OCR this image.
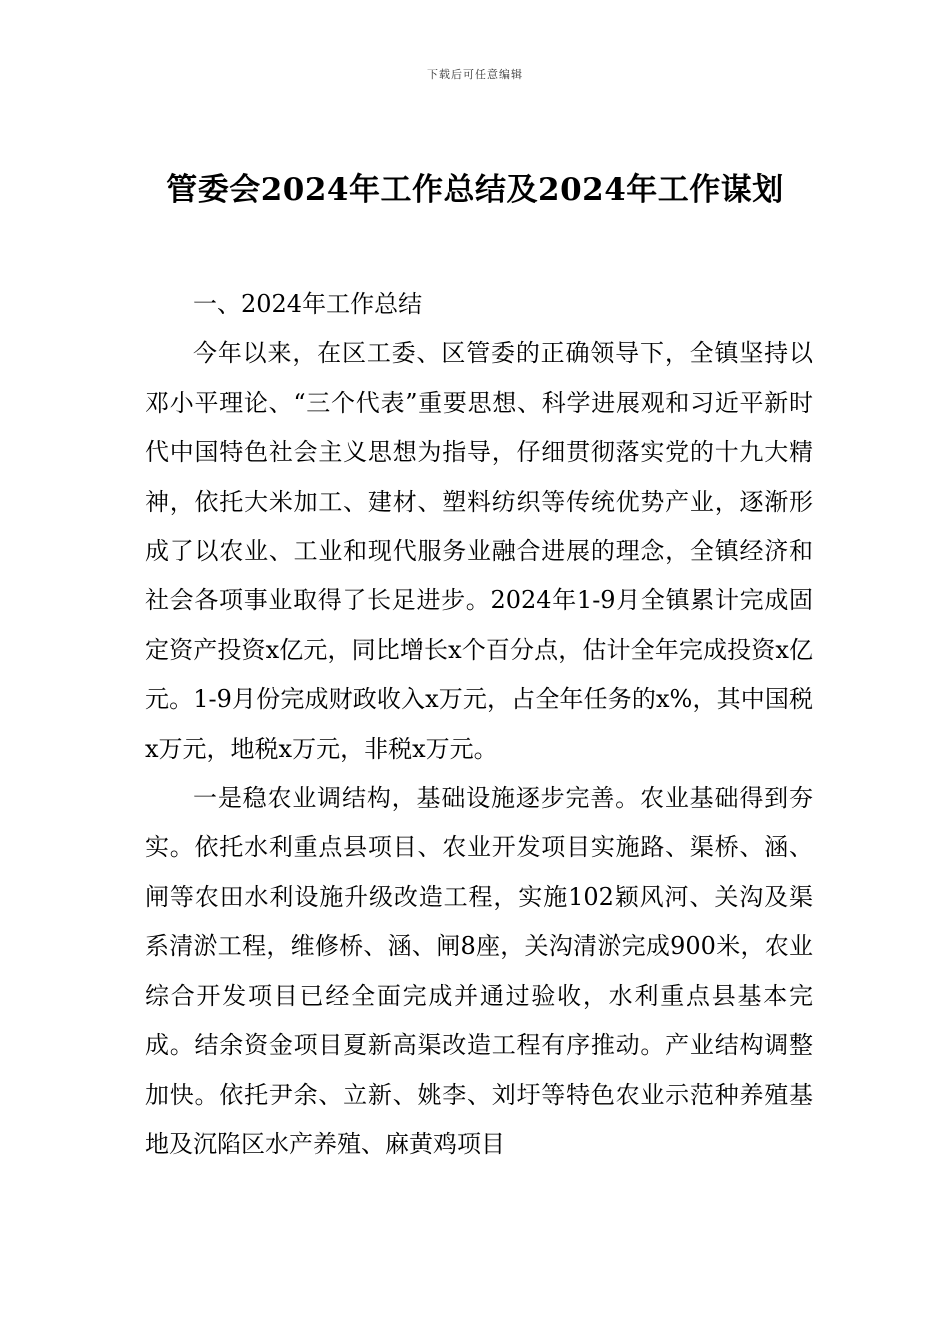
下载后可任意编辑
管委会2024年工作总结及2024年工作谋划

一、2024年工作总结

今年以来，在区工委、区管委的正确领导下，全镇坚持以邓小平理论、“三个代表”重要思想、科学进展观和习近平新时代中国特色社会主义思想为指导，仔细贯彻落实党的十九大精神，依托大米加工、建材、塑料纺织等传统优势产业，逐渐形成了以农业、工业和现代服务业融合进展的理念，全镇经济和社会各项事业取得了长足进步。2024年1-9月全镇累计完成固定资产投资x亿元，同比增长x个百分点，估计全年完成投资x亿元。1-9月份完成财政收入x万元，占全年任务的x%，其中国税x万元，地税x万元，非税x万元。

一是稳农业调结构，基础设施逐步完善。农业基础得到夯实。依托水利重点县项目、农业开发项目实施路、渠桥、涵、闸等农田水利设施升级改造工程，实施102颖风河、关沟及渠系清淤工程，维修桥、涵、闸8座，关沟清淤完成900米，农业综合开发项目已经全面完成并通过验收，水利重点县基本完成。结余资金项目夏新高渠改造工程有序推动。产业结构调整加快。依托尹余、立新、姚李、刘圩等特色农业示范种养殖基地及沉陷区水产养殖、麻黄鸡项目
